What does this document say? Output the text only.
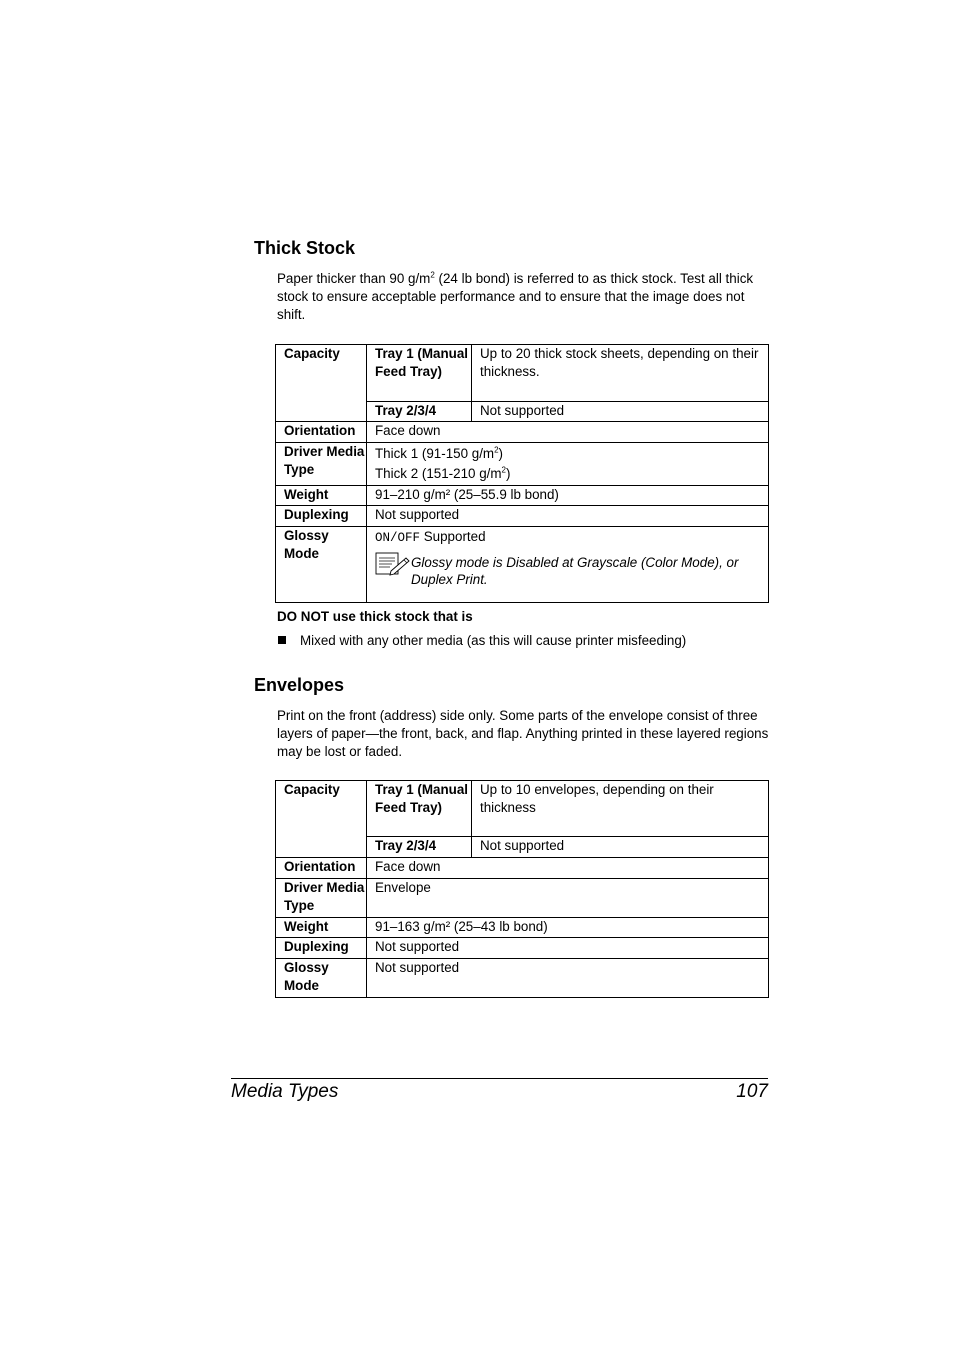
Thick Stock
Paper thicker than 90 $g/m^2$ (24 lb bond) is referred to as thick stock. Test all thick stock to ensure acceptable performance and to ensure that the image does not shift.
Capacity	Tray 1 (Manual Feed Tray)	Up to 20 thick stock sheets, depending on their thickness.
	Tray 2/3/4	Not supported
Orientation	Face down	
Driver Media Type	Thick 1 (91-150 $g/m^2$)
Thick 2 (151-210 $g/m^2$)	

Weight	91–210 g/m² (25–55.9 lb bond)	
Duplexing	Not supported	
Glossy Mode	ON/OFF Supported
Glossy mode is Disabled at Grayscale (Color Mode), or Duplex Print.	
DO NOT use thick stock that is
Mixed with any other media (as this will cause printer misfeeding)
Envelopes
Print on the front (address) side only. Some parts of the envelope consist of three layers of paper—the front, back, and flap. Anything printed in these layered regions may be lost or faded.
Capacity	Tray 1 (Manual Feed Tray)	Up to 10 envelopes, depending on their thickness
	Tray 2/3/4	Not supported
Orientation	Face down	
Driver Media Type	Envelope	
Weight	91–163 g/m² (25–43 lb bond)	
Duplexing	Not supported	
Glossy Mode	Not supported	
Media Types	107
